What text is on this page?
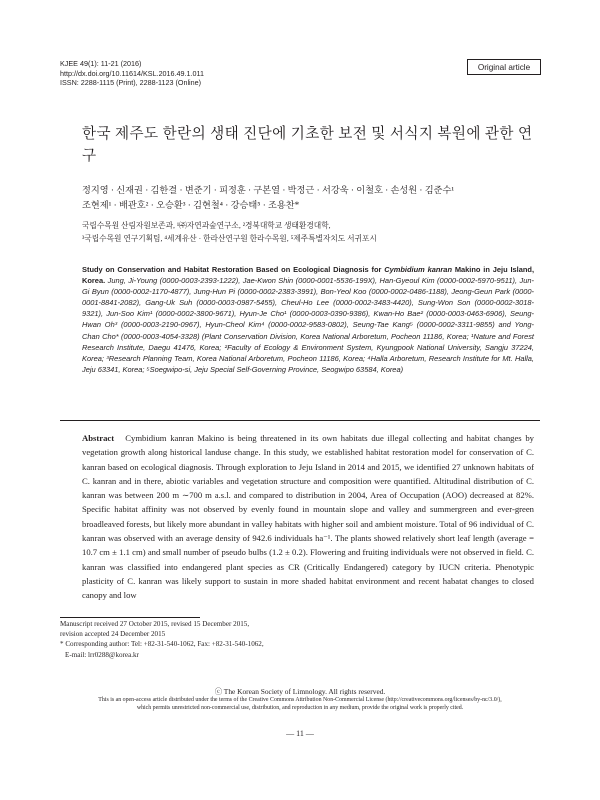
KJEE 49(1): 11-21 (2016)
http://dx.doi.org/10.11614/KSL.2016.49.1.011
ISSN: 2288-1115 (Print), 2288-1123 (Online)
Original article
한국 제주도 한란의 생태 진단에 기초한 보전 및 서식지 복원에 관한 연구
정지영 · 신재권 · 김한결 · 변준기 · 피정훈 · 구본열 · 박정근 · 서강욱 · 이철호 · 손성원 · 김준수¹
조현제¹ · 배관호² · 오승환³ · 김현철⁴ · 강승태⁵ · 조용찬*
국립수목원 산림자원보존과, ¹㈜자연과숲연구소, ²경북대학교 생태환경대학,
³국립수목원 연구기획팀, ⁴세계유산 · 한라산연구원 한라수목원, ⁵제주특별자치도 서귀포시
Study on Conservation and Habitat Restoration Based on Ecological Diagnosis for Cymbidium kanran Makino in Jeju Island, Korea. Jung, Ji-Young (0000-0003-2393-1222), Jae-Kwon Shin (0000-0001-5536-199X), Han-Gyeoul Kim (0000-0002-5970-9511), Jun-Gi Byun (0000-0002-1170-4877), Jung-Hun Pi (0000-0002-2383-3991), Bon-Yeol Koo (0000-0002-0486-1188), Jeong-Geun Park (0000-0001-8841-2082), Gang-Uk Suh (0000-0003-0987-5455), Cheul-Ho Lee (0000-0002-3483-4420), Sung-Won Son (0000-0002-3018-9321), Jun-Soo Kim¹ (0000-0002-3800-9671), Hyun-Je Cho¹ (0000-0003-0390-9386), Kwan-Ho Bae² (0000-0003-0463-6906), Seung-Hwan Oh³ (0000-0003-2190-0967), Hyun-Cheol Kim⁴ (0000-0002-9583-0802), Seung-Tae Kang⁵ (0000-0002-3311-9855) and Yong-Chan Cho* (0000-0003-4054-3328) (Plant Conservation Division, Korea National Arboretum, Pocheon 11186, Korea; ¹Nature and Forest Research Institute, Daegu 41476, Korea; ²Faculty of Ecology & Environment System, Kyungpook National University, Sangju 37224, Korea; ³Research Planning Team, Korea National Arboretum, Pocheon 11186, Korea; ⁴Halla Arboretum, Research Institute for Mt. Halla, Jeju 63341, Korea; ⁵Soegwipo-si, Jeju Special Self-Governing Province, Seogwipo 63584, Korea)
Abstract Cymbidium kanran Makino is being threatened in its own habitats due illegal collecting and habitat changes by vegetation growth along historical landuse change. In this study, we established habitat restoration model for conservation of C. kanran based on ecological diagnosis. Through exploration to Jeju Island in 2014 and 2015, we identified 27 unknown habitats of C. kanran and in there, abiotic variables and vegetation structure and composition were quantified. Altitudinal distribution of C. kanran was between 200 m ∼700 m a.s.l. and compared to distribution in 2004, Area of Occupation (AOO) decreased at 82%. Specific habitat affinity was not observed by evenly found in mountain slope and valley and summergreen and ever-green broadleaved forests, but likely more abundant in valley habitats with higher soil and ambient moisture. Total of 96 individual of C. kanran was observed with an average density of 942.6 individuals ha⁻¹. The plants showed relatively short leaf length (average = 10.7 cm ± 1.1 cm) and small number of pseudo bulbs (1.2 ± 0.2). Flowering and fruiting individuals were not observed in field. C. kanran was classified into endangered plant species as CR (Critically Endangered) category by IUCN criteria. Phenotypic plasticity of C. kanran was likely support to sustain in more shaded habitat environment and recent habatat changes to closed canopy and low
Manuscript received 27 October 2015, revised 15 December 2015,
revision accepted 24 December 2015
* Corresponding author: Tel: +82-31-540-1062, Fax: +82-31-540-1062,
E-mail: lrr0288@korea.kr
ⓒ The Korean Society of Limnology. All rights reserved.
This is an open-access article distributed under the terms of the Creative Commons Attribution Non-Commercial License (http://creativecommons.org/licenses/by-nc/3.0/),
which permits unrestricted non-commercial use, distribution, and reproduction in any medium, provide the original work is properly cited.
— 11 —
